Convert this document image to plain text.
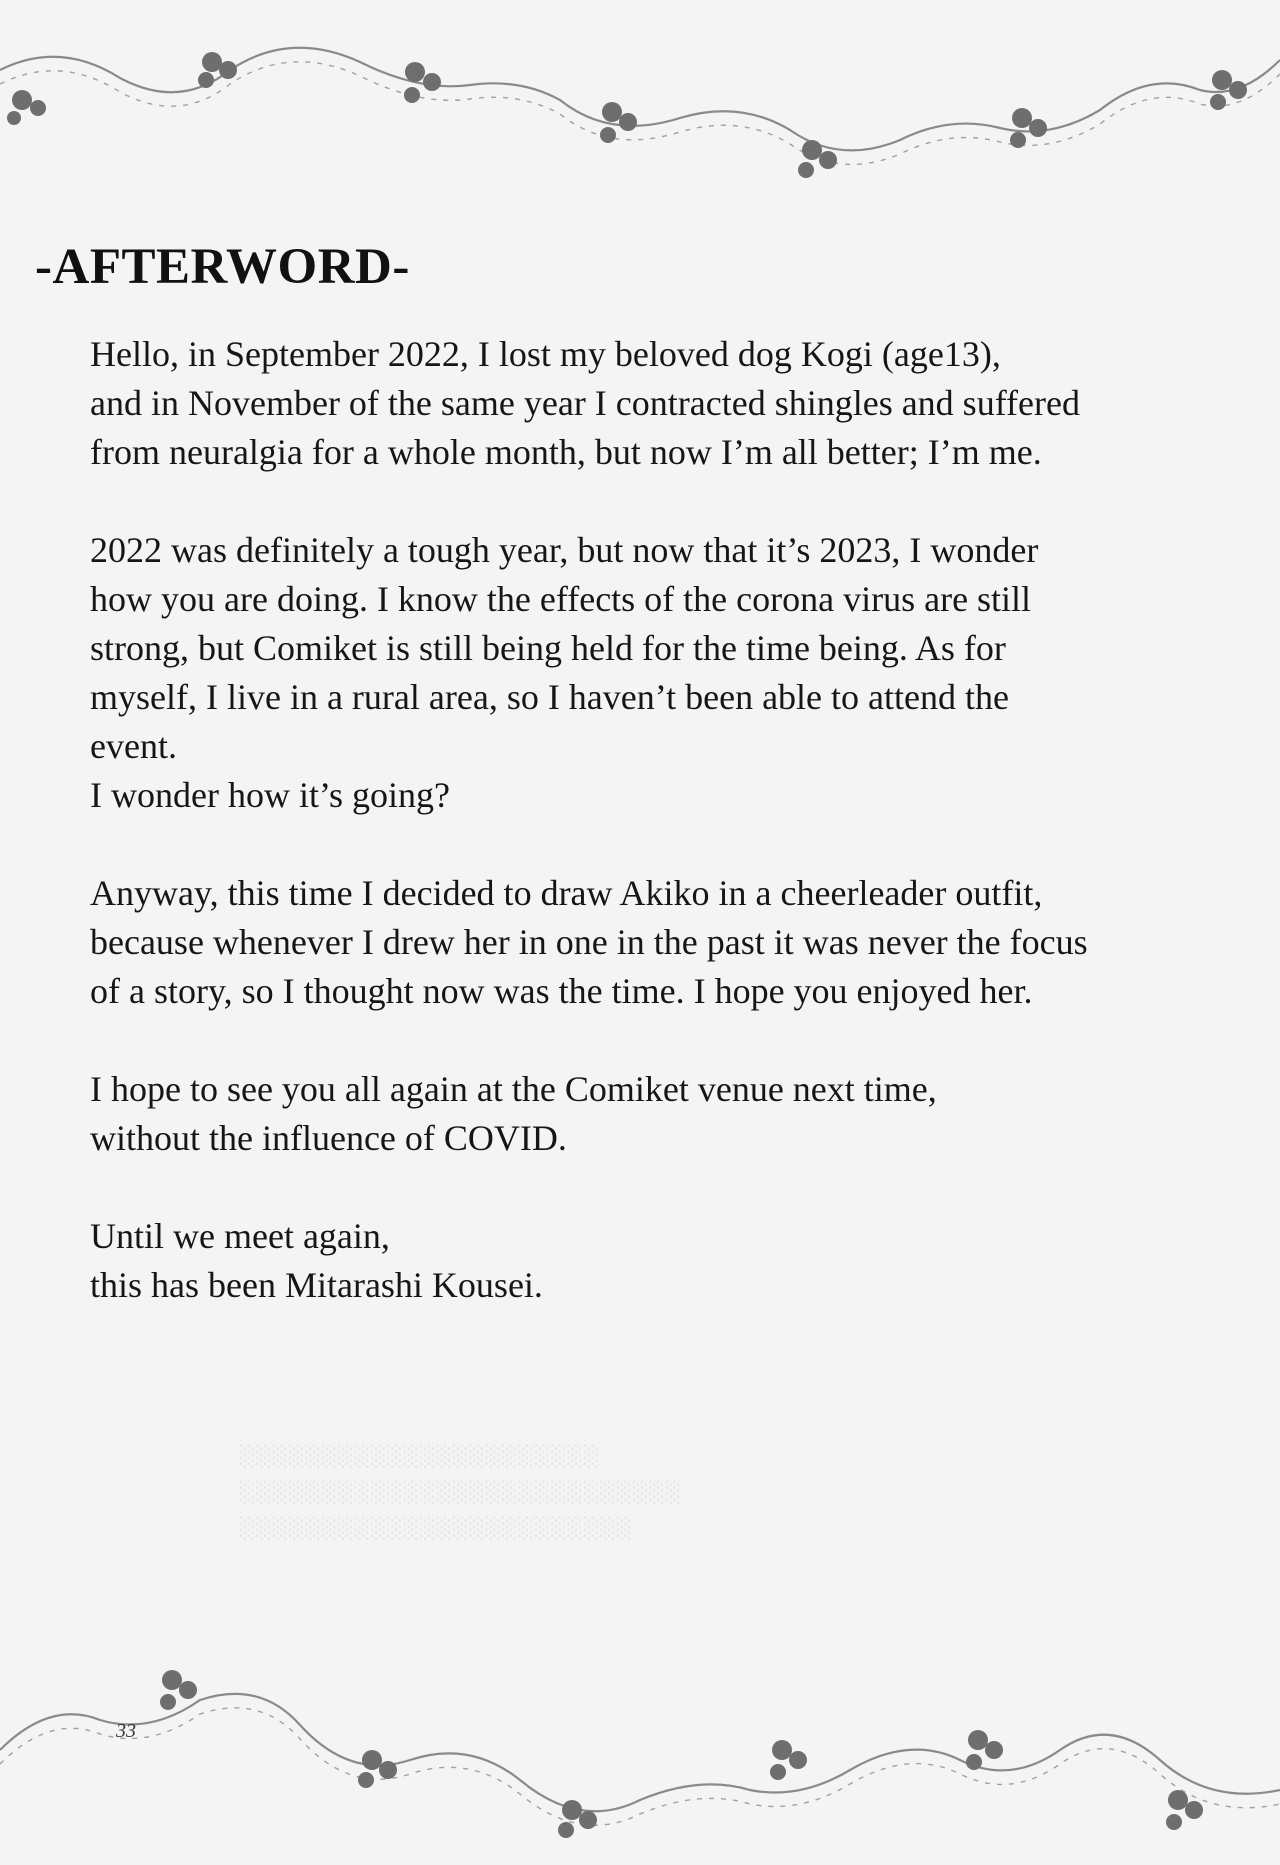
-AFTERWORD-

Hello, in September 2022, I lost my beloved dog Kogi (age13),
and in November of the same year I contracted shingles and suffered
from neuralgia for a whole month, but now I’m all better; I’m me.

2022 was definitely a tough year, but now that it’s 2023, I wonder
how you are doing. I know the effects of the corona virus are still
strong, but Comiket is still being held for the time being. As for
myself, I live in a rural area, so I haven’t been able to attend the
event.
I wonder how it’s going?

Anyway, this time I decided to draw Akiko in a cheerleader outfit,
because whenever I drew her in one in the past it was never the focus
of a story, so I thought now was the time. I hope you enjoyed her.

I hope to see you all again at the Comiket venue next time,
without the influence of COVID.

Until we meet again,
this has been Mitarashi Kousei.

░░░░░░░░░░░░░░░░░░░░░░
░░░░░░░░░░░░░░░░░░░░░░░░░░░
░░░░░░░░░░░░░░░░░░░░░░░░
33
